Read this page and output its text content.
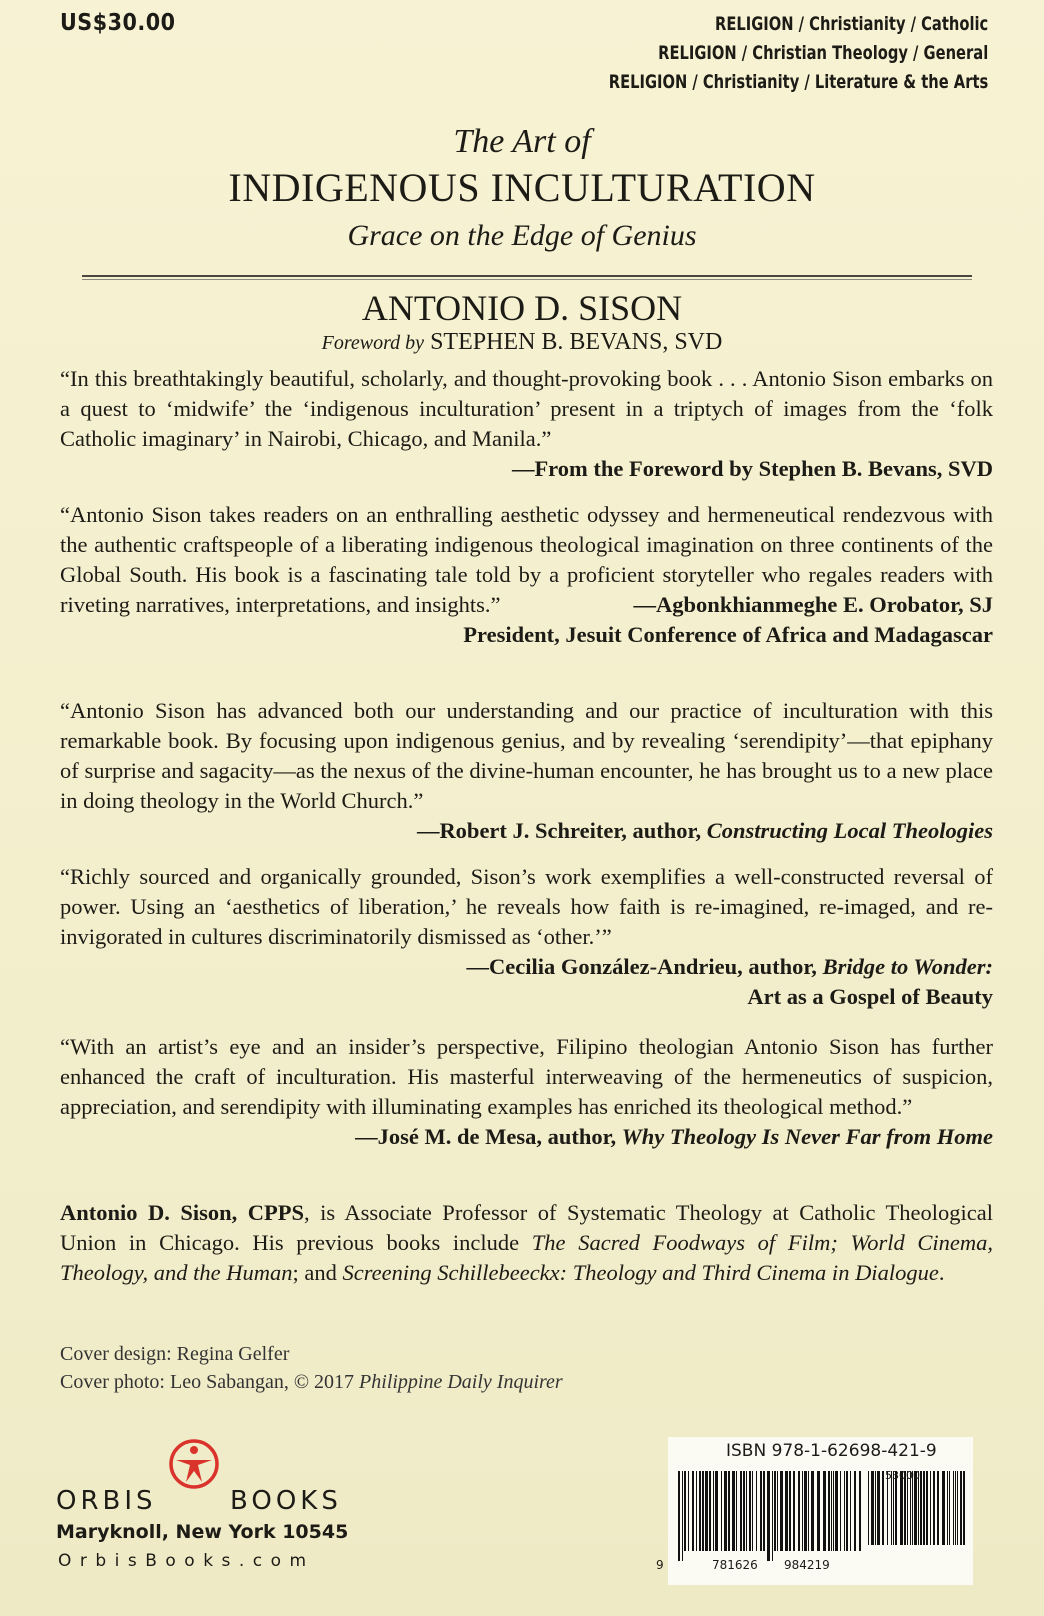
US$30.00	RELIGION / Christianity / Catholic
RELIGION / Christian Theology / General
RELIGION / Christianity / Literature & the Arts
The Art of
INDIGENOUS INCULTURATION
Grace on the Edge of Genius
ANTONIO D. SISON
Foreword by STEPHEN B. BEVANS, SVD

“In this breathtakingly beautiful, scholarly, and thought-provoking book . . . Antonio Sison embarks on a quest to ‘midwife’ the ‘indigenous inculturation’ present in a triptych of images from the ‘folk Catholic imaginary’ in Nairobi, Chicago, and Manila.”

—From the Foreword by Stephen B. Bevans, SVD

“Antonio Sison takes readers on an enthralling aesthetic odyssey and hermeneutical rendezvous with the authentic craftspeople of a liberating indigenous theological imagination on three continents of the Global South. His book is a fascinating tale told by a proficient storyteller who regales readers with riveting narratives, interpretations, and insights.”	—Agbonkhianmeghe E. Orobator, SJ
President, Jesuit Conference of Africa and Madagascar

“Antonio Sison has advanced both our understanding and our practice of inculturation with this remarkable book. By focusing upon indigenous genius, and by revealing ‘serendipity’—that epiphany of surprise and sagacity—as the nexus of the divine-human encounter, he has brought us to a new place in doing theology in the World Church.”

—Robert J. Schreiter, author, Constructing Local Theologies

“Richly sourced and organically grounded, Sison’s work exemplifies a well-constructed reversal of power. Using an ‘aesthetics of liberation,’ he reveals how faith is re-imagined, re-imaged, and re-invigorated in cultures discriminatorily dismissed as ‘other.’”

—Cecilia González-Andrieu, author, Bridge to Wonder:
Art as a Gospel of Beauty

“With an artist’s eye and an insider’s perspective, Filipino theologian Antonio Sison has further enhanced the craft of inculturation. His masterful interweaving of the hermeneutics of suspicion, appreciation, and serendipity with illuminating examples has enriched its theological method.”

—José M. de Mesa, author, Why Theology Is Never Far from Home
Antonio D. Sison, CPPS, is Associate Professor of Systematic Theology at Catholic Theological Union in Chicago. His previous books include The Sacred Foodways of Film; World Cinema, Theology, and the Human; and Screening Schillebeeckx: Theology and Third Cinema in Dialogue.
Cover design: Regina Gelfer
Cover photo: Leo Sabangan, © 2017 Philippine Daily Inquirer
ORBIS	BOOKS
Maryknoll, New York 10545
OrbisBooks.com
ISBN 978-1-62698-421-9
53000
9	781626 984219
